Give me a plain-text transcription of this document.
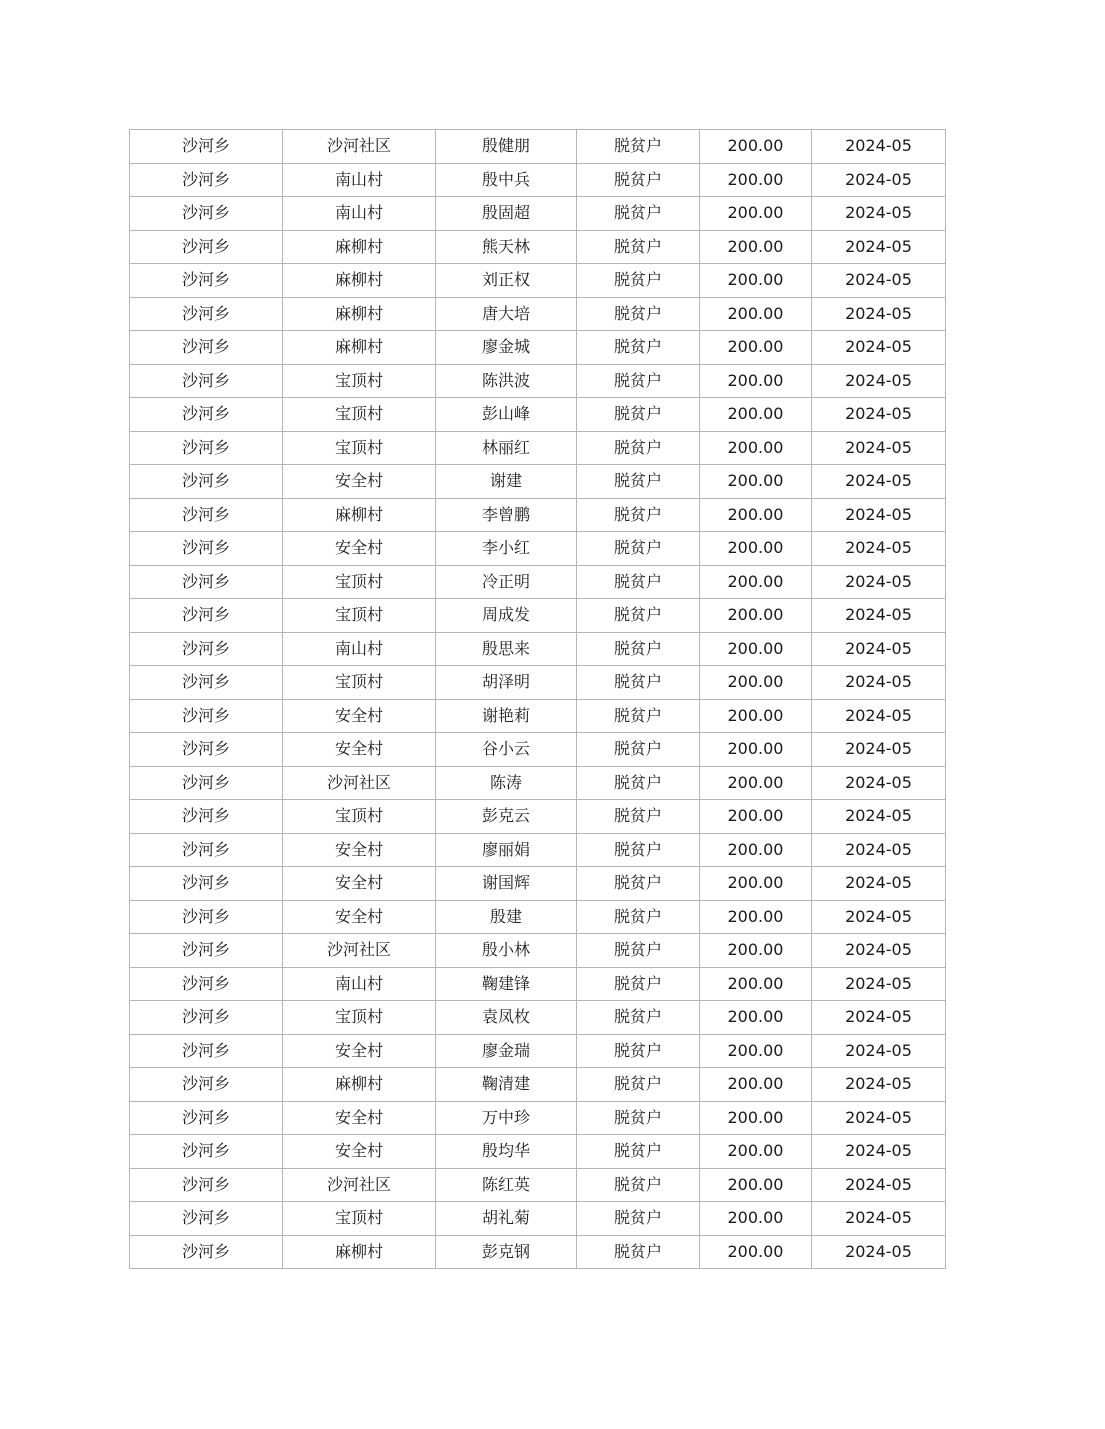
沙河乡	沙河社区	殷健朋	脱贫户	200.00	2024-05
沙河乡	南山村	殷中兵	脱贫户	200.00	2024-05
沙河乡	南山村	殷固超	脱贫户	200.00	2024-05
沙河乡	麻柳村	熊天林	脱贫户	200.00	2024-05
沙河乡	麻柳村	刘正权	脱贫户	200.00	2024-05
沙河乡	麻柳村	唐大培	脱贫户	200.00	2024-05
沙河乡	麻柳村	廖金城	脱贫户	200.00	2024-05
沙河乡	宝顶村	陈洪波	脱贫户	200.00	2024-05
沙河乡	宝顶村	彭山峰	脱贫户	200.00	2024-05
沙河乡	宝顶村	林丽红	脱贫户	200.00	2024-05
沙河乡	安全村	谢建	脱贫户	200.00	2024-05
沙河乡	麻柳村	李曾鹏	脱贫户	200.00	2024-05
沙河乡	安全村	李小红	脱贫户	200.00	2024-05
沙河乡	宝顶村	冷正明	脱贫户	200.00	2024-05
沙河乡	宝顶村	周成发	脱贫户	200.00	2024-05
沙河乡	南山村	殷思来	脱贫户	200.00	2024-05
沙河乡	宝顶村	胡泽明	脱贫户	200.00	2024-05
沙河乡	安全村	谢艳莉	脱贫户	200.00	2024-05
沙河乡	安全村	谷小云	脱贫户	200.00	2024-05
沙河乡	沙河社区	陈涛	脱贫户	200.00	2024-05
沙河乡	宝顶村	彭克云	脱贫户	200.00	2024-05
沙河乡	安全村	廖丽娟	脱贫户	200.00	2024-05
沙河乡	安全村	谢国辉	脱贫户	200.00	2024-05
沙河乡	安全村	殷建	脱贫户	200.00	2024-05
沙河乡	沙河社区	殷小林	脱贫户	200.00	2024-05
沙河乡	南山村	鞠建锋	脱贫户	200.00	2024-05
沙河乡	宝顶村	袁凤枚	脱贫户	200.00	2024-05
沙河乡	安全村	廖金瑞	脱贫户	200.00	2024-05
沙河乡	麻柳村	鞠清建	脱贫户	200.00	2024-05
沙河乡	安全村	万中珍	脱贫户	200.00	2024-05
沙河乡	安全村	殷均华	脱贫户	200.00	2024-05
沙河乡	沙河社区	陈红英	脱贫户	200.00	2024-05
沙河乡	宝顶村	胡礼菊	脱贫户	200.00	2024-05
沙河乡	麻柳村	彭克钢	脱贫户	200.00	2024-05
